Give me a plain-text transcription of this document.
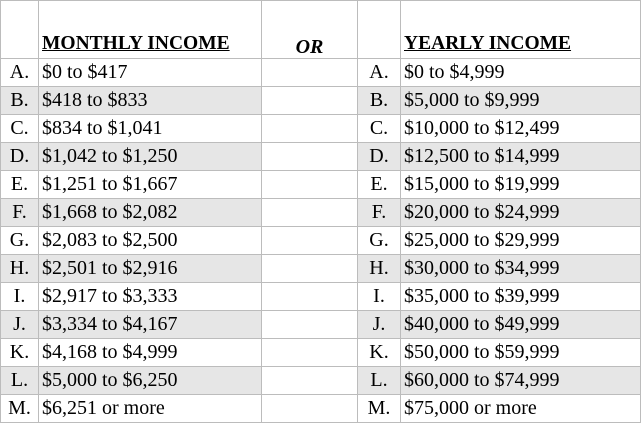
	MONTHLY INCOME	OR		YEARLY INCOME

A.	$0 to $417		A.	$0 to $4,999
B.	$418 to $833		B.	$5,000 to $9,999
C.	$834 to $1,041		C.	$10,000 to $12,499
D.	$1,042 to $1,250		D.	$12,500 to $14,999
E.	$1,251 to $1,667		E.	$15,000 to $19,999
F.	$1,668 to $2,082		F.	$20,000 to $24,999
G.	$2,083 to $2,500		G.	$25,000 to $29,999
H.	$2,501 to $2,916		H.	$30,000 to $34,999
I.	$2,917 to $3,333		I.	$35,000 to $39,999
J.	$3,334 to $4,167		J.	$40,000 to $49,999
K.	$4,168 to $4,999		K.	$50,000 to $59,999
L.	$5,000 to $6,250		L.	$60,000 to $74,999
M.	$6,251 or more		M.	$75,000 or more
